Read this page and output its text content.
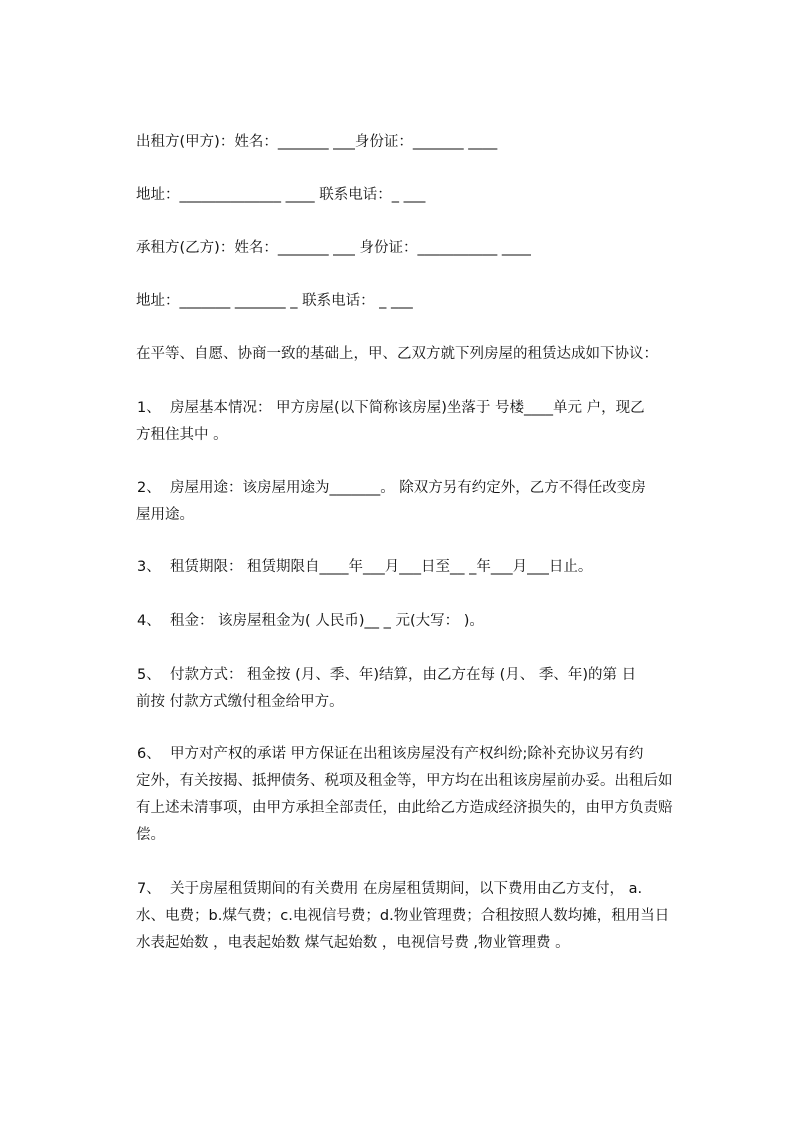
出租方(甲方)：姓名：_______ ___身份证：_______ ____
地址：______________ ____ 联系电话：_ ___
承租方(乙方)：姓名：_______ ___ 身份证：___________ ____
地址：_______ _______ _ 联系电话： _ ___
在平等、自愿、协商一致的基础上，甲、乙双方就下列房屋的租赁达成如下协议：
1、  房屋基本情况： 甲方房屋(以下简称该房屋)坐落于 号楼____单元 户，现乙
方租住其中 。
2、  房屋用途：该房屋用途为_______。 除双方另有约定外，乙方不得任改变房
屋用途。
3、  租赁期限： 租赁期限自____年___月___日至__ _年___月___日止。
4、  租金： 该房屋租金为( 人民币)__ _ 元(大写： )。
5、  付款方式： 租金按 (月、季、年)结算，由乙方在每 (月、 季、年)的第 日
前按 付款方式缴付租金给甲方。
6、  甲方对产权的承诺 甲方保证在出租该房屋没有产权纠纷;除补充协议另有约
定外，有关按揭、抵押债务、税项及租金等，甲方均在出租该房屋前办妥。出租后如
有上述未清事项，由甲方承担全部责任，由此给乙方造成经济损失的，由甲方负责赔
偿。
7、  关于房屋租赁期间的有关费用 在房屋租赁期间，以下费用由乙方支付， a.
水、电费；b.煤气费；c.电视信号费；d.物业管理费；合租按照人数均摊，租用当日
水表起始数 ，电表起始数 煤气起始数 ，电视信号费 ,物业管理费 。
